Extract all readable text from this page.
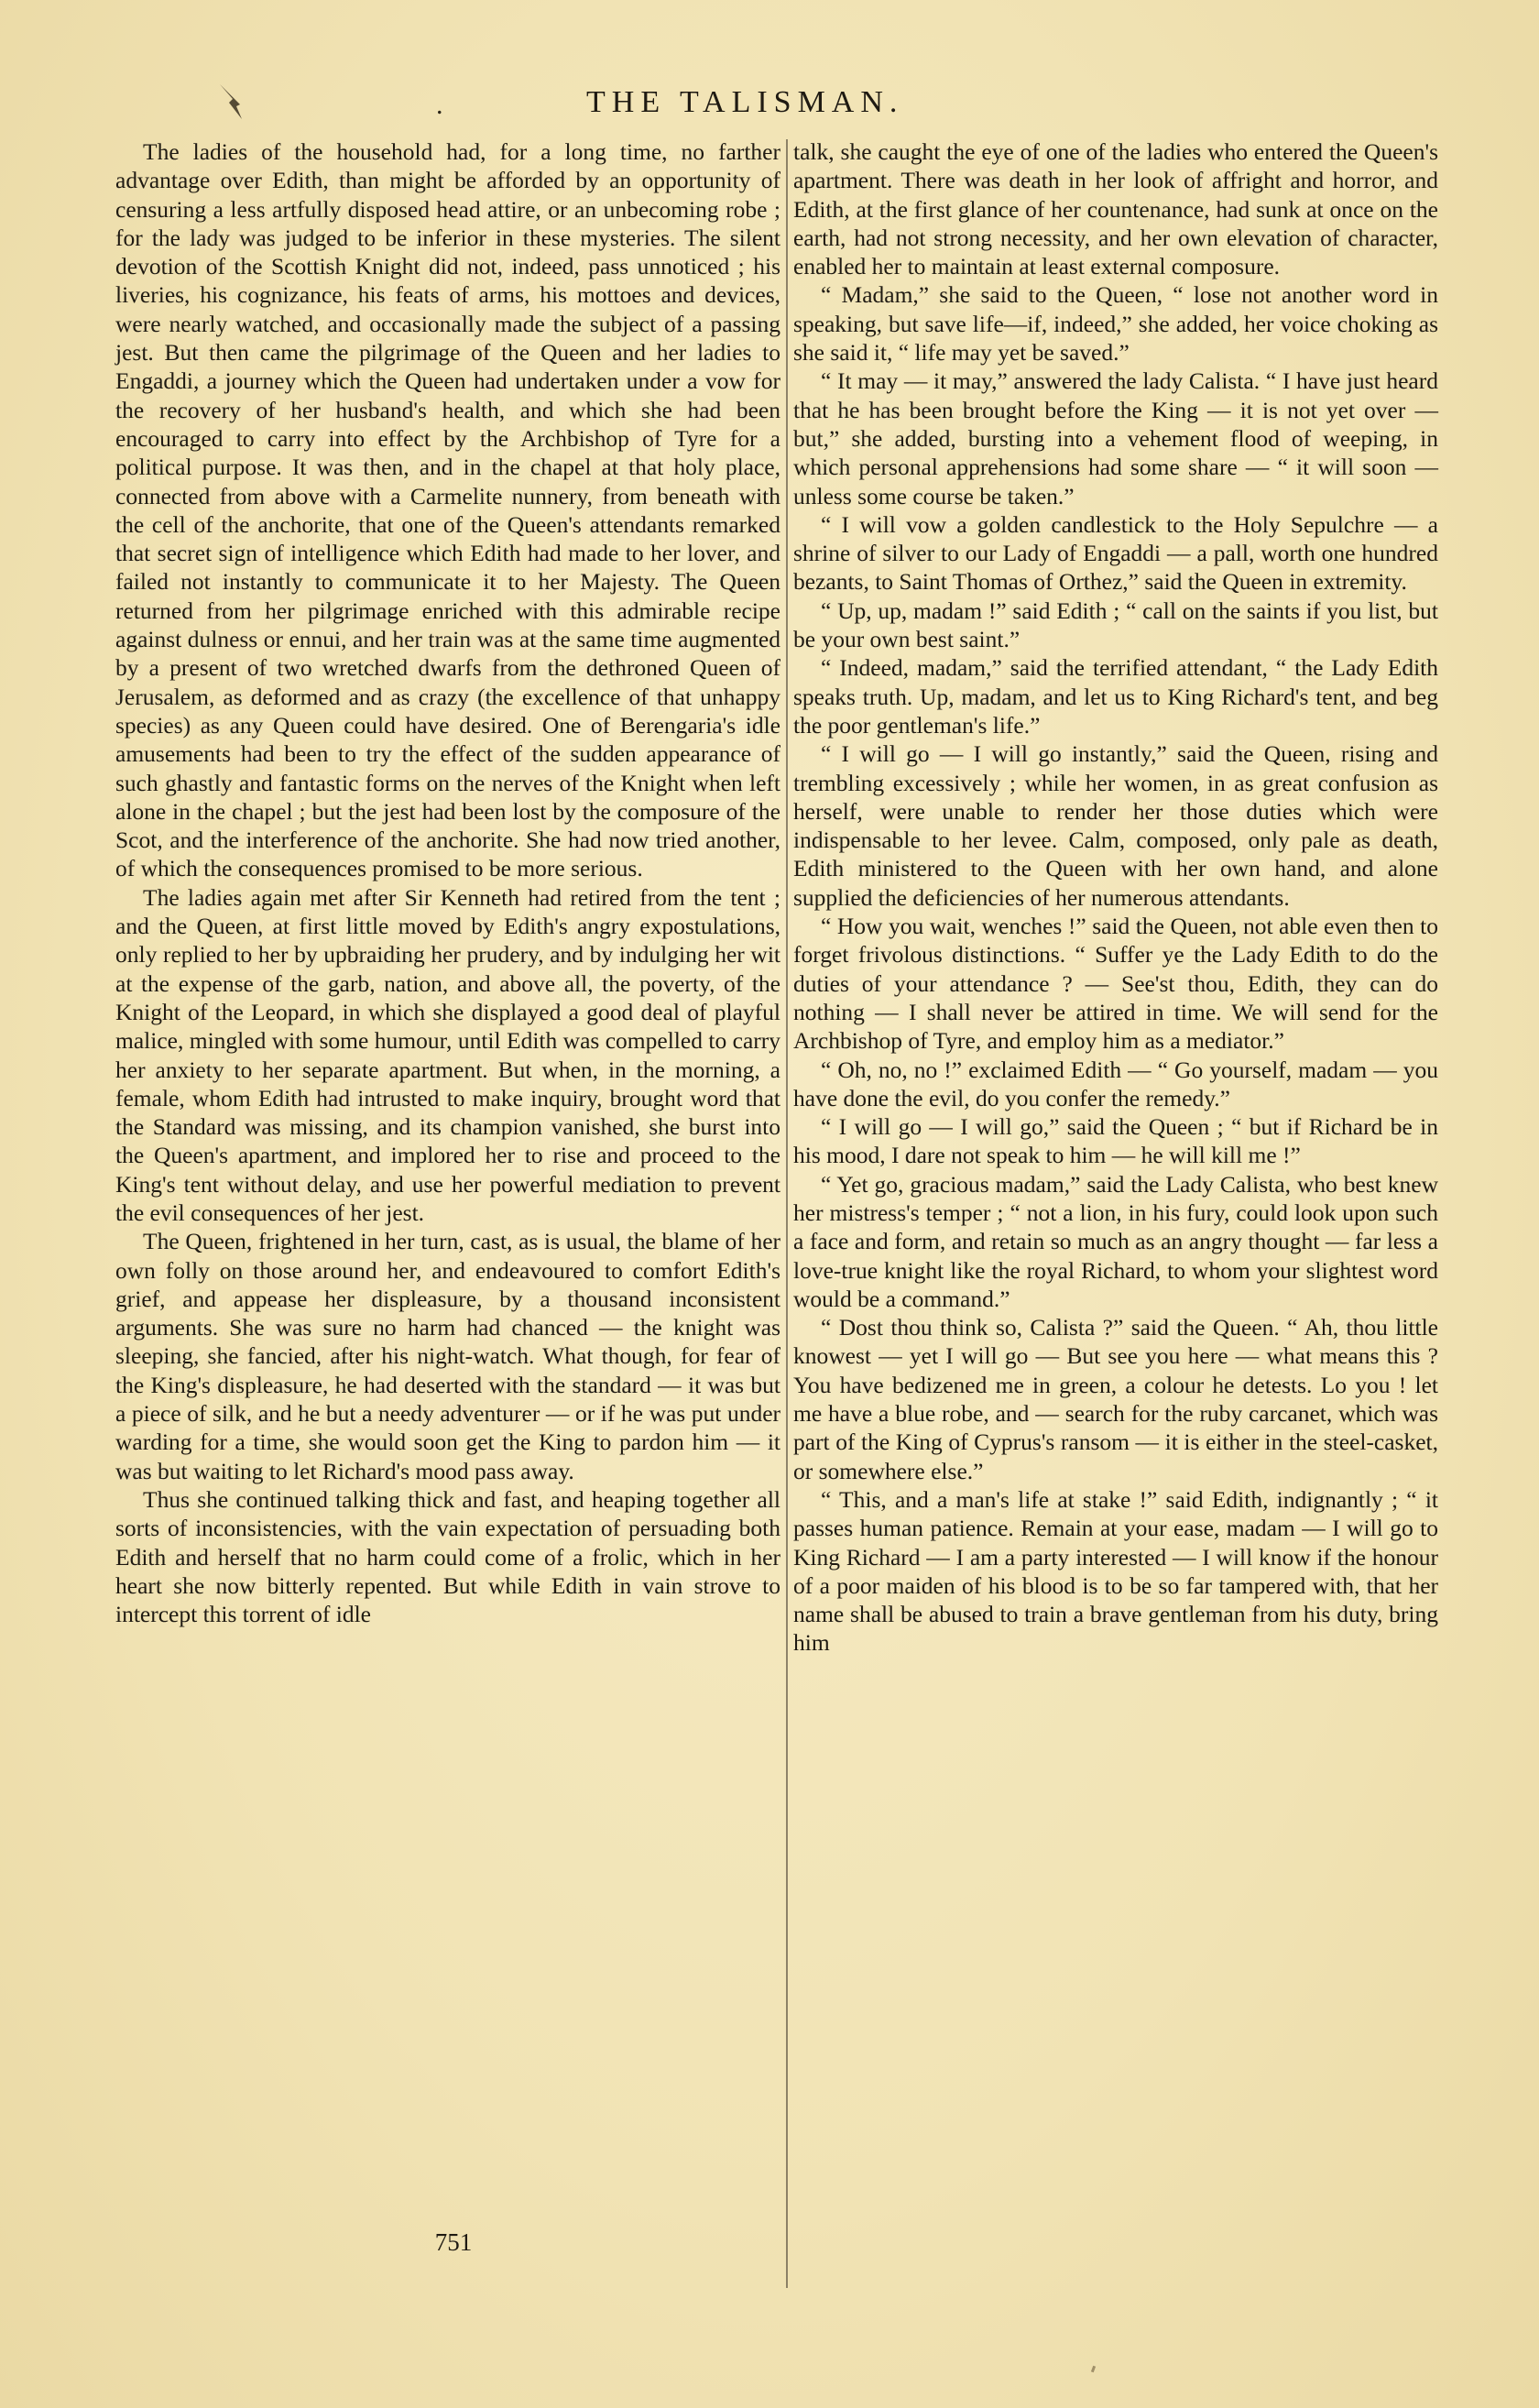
.	THE TALISMAN.

The ladies of the household had, for a long time, no farther advantage over Edith, than might be afforded by an opportunity of censuring a less artfully disposed head attire, or an unbecoming robe ; for the lady was judged to be inferior in these mysteries. The silent devotion of the Scottish Knight did not, indeed, pass unnoticed ; his liveries, his cognizance, his feats of arms, his mottoes and devices, were nearly watched, and occasionally made the subject of a passing jest. But then came the pilgrimage of the Queen and her ladies to Engaddi, a journey which the Queen had undertaken under a vow for the recovery of her husband's health, and which she had been encouraged to carry into effect by the Archbishop of Tyre for a political purpose. It was then, and in the chapel at that holy place, connected from above with a Carmelite nunnery, from beneath with the cell of the anchorite, that one of the Queen's attendants remarked that secret sign of intelligence which Edith had made to her lover, and failed not instantly to communicate it to her Majesty. The Queen returned from her pilgrimage enriched with this admirable recipe against dulness or ennui, and her train was at the same time augmented by a present of two wretched dwarfs from the dethroned Queen of Jerusalem, as deformed and as crazy (the excellence of that unhappy species) as any Queen could have desired. One of Berengaria's idle amusements had been to try the effect of the sudden appearance of such ghastly and fantastic forms on the nerves of the Knight when left alone in the chapel ; but the jest had been lost by the composure of the Scot, and the interference of the anchorite. She had now tried another, of which the consequences promised to be more serious.

The ladies again met after Sir Kenneth had retired from the tent ; and the Queen, at first little moved by Edith's angry expostulations, only replied to her by upbraiding her prudery, and by indulging her wit at the expense of the garb, nation, and above all, the poverty, of the Knight of the Leopard, in which she displayed a good deal of playful malice, mingled with some humour, until Edith was compelled to carry her anxiety to her separate apartment. But when, in the morning, a female, whom Edith had intrusted to make inquiry, brought word that the Standard was missing, and its champion vanished, she burst into the Queen's apartment, and implored her to rise and proceed to the King's tent without delay, and use her powerful mediation to prevent the evil consequences of her jest.

The Queen, frightened in her turn, cast, as is usual, the blame of her own folly on those around her, and endeavoured to comfort Edith's grief, and appease her displeasure, by a thousand inconsistent arguments. She was sure no harm had chanced — the knight was sleeping, she fancied, after his night-watch. What though, for fear of the King's displeasure, he had deserted with the standard — it was but a piece of silk, and he but a needy adventurer — or if he was put under warding for a time, she would soon get the King to pardon him — it was but waiting to let Richard's mood pass away.

Thus she continued talking thick and fast, and heaping together all sorts of inconsistencies, with the vain expectation of persuading both Edith and herself that no harm could come of a frolic, which in her heart she now bitterly repented. But while Edith in vain strove to intercept this torrent of idle

talk, she caught the eye of one of the ladies who entered the Queen's apartment. There was death in her look of affright and horror, and Edith, at the first glance of her countenance, had sunk at once on the earth, had not strong necessity, and her own elevation of character, enabled her to maintain at least external composure.

“ Madam,” she said to the Queen, “ lose not another word in speaking, but save life—if, indeed,” she added, her voice choking as she said it, “ life may yet be saved.”

“ It may — it may,” answered the lady Calista. “ I have just heard that he has been brought before the King — it is not yet over — but,” she added, bursting into a vehement flood of weeping, in which personal apprehensions had some share — “ it will soon — unless some course be taken.”

“ I will vow a golden candlestick to the Holy Sepulchre — a shrine of silver to our Lady of Engaddi — a pall, worth one hundred bezants, to Saint Thomas of Orthez,” said the Queen in extremity.

“ Up, up, madam !” said Edith ; “ call on the saints if you list, but be your own best saint.”

“ Indeed, madam,” said the terrified attendant, “ the Lady Edith speaks truth. Up, madam, and let us to King Richard's tent, and beg the poor gentleman's life.”

“ I will go — I will go instantly,” said the Queen, rising and trembling excessively ; while her women, in as great confusion as herself, were unable to render her those duties which were indispensable to her levee. Calm, composed, only pale as death, Edith ministered to the Queen with her own hand, and alone supplied the deficiencies of her numerous attendants.

“ How you wait, wenches !” said the Queen, not able even then to forget frivolous distinctions. “ Suffer ye the Lady Edith to do the duties of your attendance ? — See'st thou, Edith, they can do nothing — I shall never be attired in time. We will send for the Archbishop of Tyre, and employ him as a mediator.”

“ Oh, no, no !” exclaimed Edith — “ Go yourself, madam — you have done the evil, do you confer the remedy.”

“ I will go — I will go,” said the Queen ; “ but if Richard be in his mood, I dare not speak to him — he will kill me !”

“ Yet go, gracious madam,” said the Lady Calista, who best knew her mistress's temper ; “ not a lion, in his fury, could look upon such a face and form, and retain so much as an angry thought — far less a love-true knight like the royal Richard, to whom your slightest word would be a command.”

“ Dost thou think so, Calista ?” said the Queen. “ Ah, thou little knowest — yet I will go — But see you here — what means this ? You have bedizened me in green, a colour he detests. Lo you ! let me have a blue robe, and — search for the ruby carcanet, which was part of the King of Cyprus's ransom — it is either in the steel-casket, or somewhere else.”

“ This, and a man's life at stake !” said Edith, indignantly ; “ it passes human patience. Remain at your ease, madam — I will go to King Richard — I am a party interested — I will know if the honour of a poor maiden of his blood is to be so far tampered with, that her name shall be abused to train a brave gentleman from his duty, bring him

751
